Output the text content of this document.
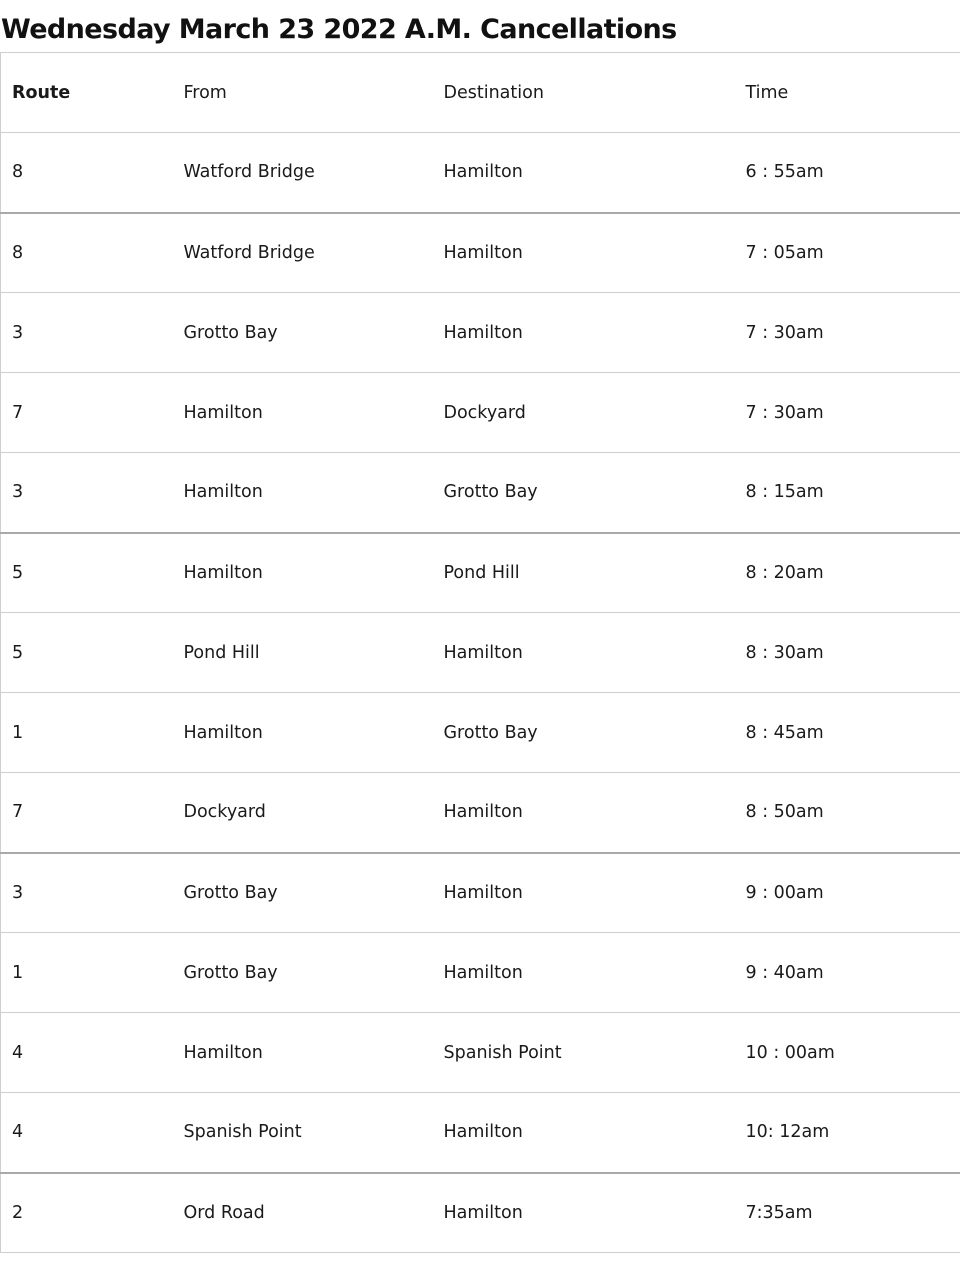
Wednesday March 23 2022 A.M. Cancellations
Route	From	Destination	Time
8	Watford Bridge	Hamilton	6 : 55am
8	Watford Bridge	Hamilton	7 : 05am
3	Grotto Bay	Hamilton	7 : 30am
7	Hamilton	Dockyard	7 : 30am
3	Hamilton	Grotto Bay	8 : 15am
5	Hamilton	Pond Hill	8 : 20am
5	Pond Hill	Hamilton	8 : 30am
1	Hamilton	Grotto Bay	8 : 45am
7	Dockyard	Hamilton	8 : 50am
3	Grotto Bay	Hamilton	9 : 00am
1	Grotto Bay	Hamilton	9 : 40am
4	Hamilton	Spanish Point	10 : 00am
4	Spanish Point	Hamilton	10: 12am
2	Ord Road	Hamilton	7:35am
